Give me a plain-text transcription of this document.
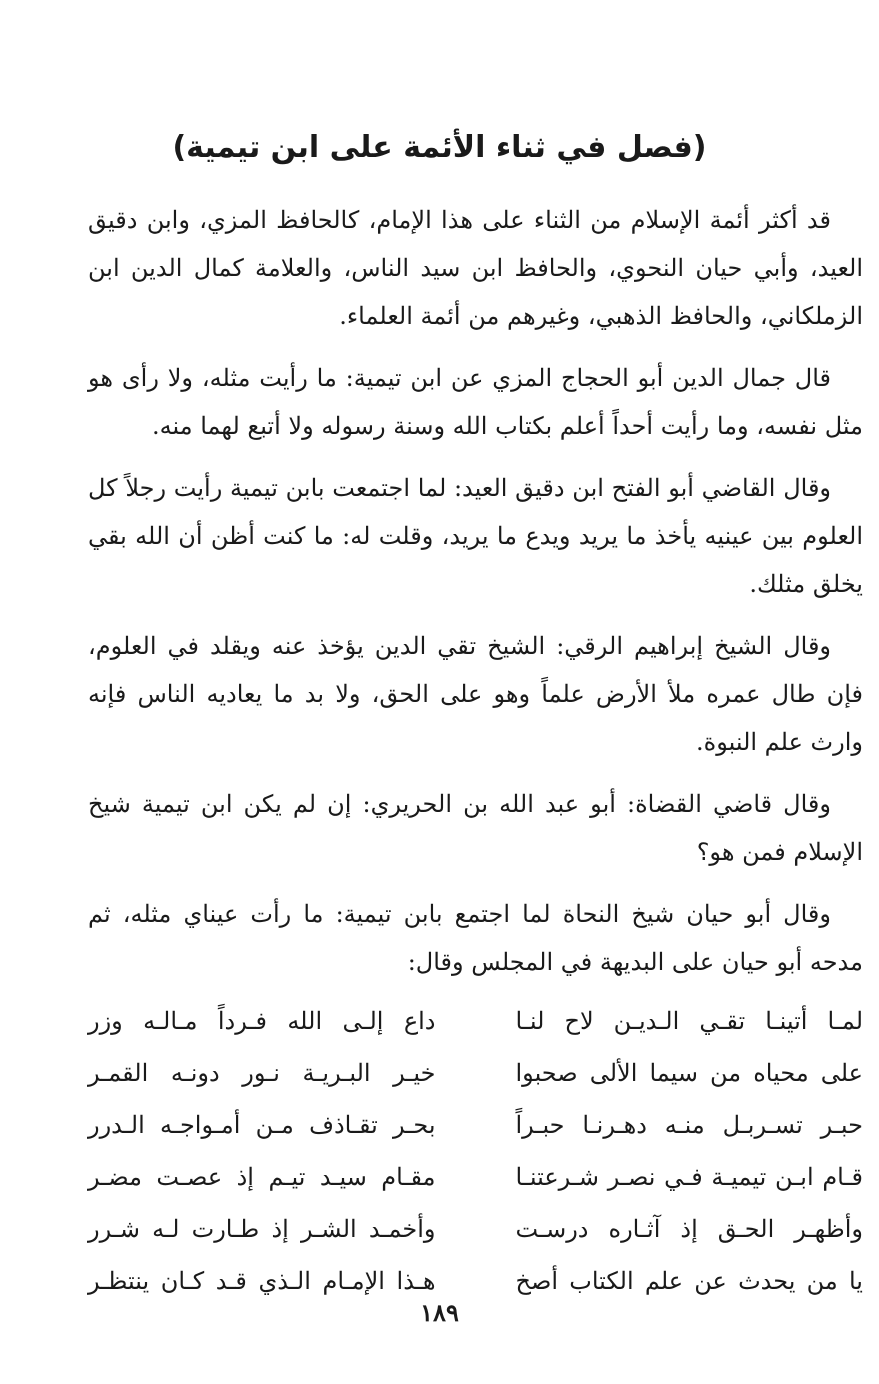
(فصل في ثناء الأئمة على ابن تيمية)

قد أكثر أئمة الإسلام من الثناء على هذا الإمام، كالحافظ المزي، وابن دقيق العيد، وأبي حيان النحوي، والحافظ ابن سيد الناس، والعلامة كمال الدين ابن الزملكاني، والحافظ الذهبي، وغيرهم من أئمة العلماء.

قال جمال الدين أبو الحجاج المزي عن ابن تيمية: ما رأيت مثله، ولا رأى هو مثل نفسه، وما رأيت أحداً أعلم بكتاب الله وسنة رسوله ولا أتبع لهما منه.

وقال القاضي أبو الفتح ابن دقيق العيد: لما اجتمعت بابن تيمية رأيت رجلاً كل العلوم بين عينيه يأخذ ما يريد ويدع ما يريد، وقلت له: ما كنت أظن أن الله بقي يخلق مثلك.

وقال الشيخ إبراهيم الرقي: الشيخ تقي الدين يؤخذ عنه ويقلد في العلوم، فإن طال عمره ملأ الأرض علماً وهو على الحق، ولا بد ما يعاديه الناس فإنه وارث علم النبوة.

وقال قاضي القضاة: أبو عبد الله بن الحريري: إن لم يكن ابن تيمية شيخ الإسلام فمن هو؟

وقال أبو حيان شيخ النحاة لما اجتمع بابن تيمية: ما رأت عيناي مثله، ثم مدحه أبو حيان على البديهة في المجلس وقال:

لمـا أتينـا تقـي الـديـن لاح لنـا
داع إلـى الله فـرداً مـالـه وزر
على محياه من سيما الألى صحبوا
خيـر البـريـة نـور دونـه القمـر
حبـر تسـربـل منـه دهـرنـا حبـراً
بحـر تقـاذف مـن أمـواجـه الـدرر
قـام ابـن تيميـة فـي نصـر شـرعتنـا
مقـام سيـد تيـم إذ عصـت مضـر
وأظهـر الحـق إذ آثـاره درسـت
وأخمـد الشـر إذ طـارت لـه شـرر
يا من يحدث عن علم الكتاب أصخ
هـذا الإمـام الـذي قـد كـان ينتظـر
١٨٩
